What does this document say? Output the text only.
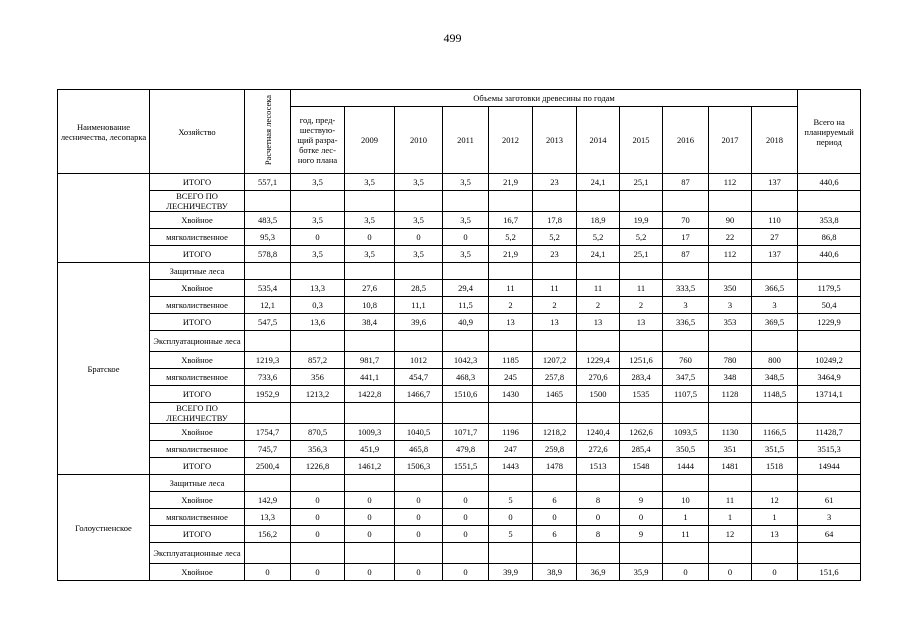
499
Наименование лесничества, лесопарка	Хозяйство	Расчетная лесосека	Объемы заготовки древесины по годам											Всего на планируемый период
			год, пред-шествую-щий разра-ботке лес-ного плана	2009	2010	2011	2012	2013	2014	2015	2016	2017	2018	
	ИТОГО	557,1	3,5	3,5	3,5	3,5	21,9	23	24,1	25,1	87	112	137	440,6
	ВСЕГО ПО ЛЕСНИЧЕСТВУ													
	Хвойное	483,5	3,5	3,5	3,5	3,5	16,7	17,8	18,9	19,9	70	90	110	353,8
	мягколиственное	95,3	0	0	0	0	5,2	5,2	5,2	5,2	17	22	27	86,8
	ИТОГО	578,8	3,5	3,5	3,5	3,5	21,9	23	24,1	25,1	87	112	137	440,6
Братское	Защитные леса													
	Хвойное	535,4	13,3	27,6	28,5	29,4	11	11	11	11	333,5	350	366,5	1179,5
	мягколиственное	12,1	0,3	10,8	11,1	11,5	2	2	2	2	3	3	3	50,4
	ИТОГО	547,5	13,6	38,4	39,6	40,9	13	13	13	13	336,5	353	369,5	1229,9
	Эксплуатационные леса													
	Хвойное	1219,3	857,2	981,7	1012	1042,3	1185	1207,2	1229,4	1251,6	760	780	800	10249,2
	мягколиственное	733,6	356	441,1	454,7	468,3	245	257,8	270,6	283,4	347,5	348	348,5	3464,9
	ИТОГО	1952,9	1213,2	1422,8	1466,7	1510,6	1430	1465	1500	1535	1107,5	1128	1148,5	13714,1
	ВСЕГО ПО ЛЕСНИЧЕСТВУ													
	Хвойное	1754,7	870,5	1009,3	1040,5	1071,7	1196	1218,2	1240,4	1262,6	1093,5	1130	1166,5	11428,7
	мягколиственное	745,7	356,3	451,9	465,8	479,8	247	259,8	272,6	285,4	350,5	351	351,5	3515,3
	ИТОГО	2500,4	1226,8	1461,2	1506,3	1551,5	1443	1478	1513	1548	1444	1481	1518	14944
Голоустненское	Защитные леса													
	Хвойное	142,9	0	0	0	0	5	6	8	9	10	11	12	61
	мягколиственное	13,3	0	0	0	0	0	0	0	0	1	1	1	3
	ИТОГО	156,2	0	0	0	0	5	6	8	9	11	12	13	64
	Эксплуатационные леса													
	Хвойное	0	0	0	0	0	39,9	38,9	36,9	35,9	0	0	0	151,6
